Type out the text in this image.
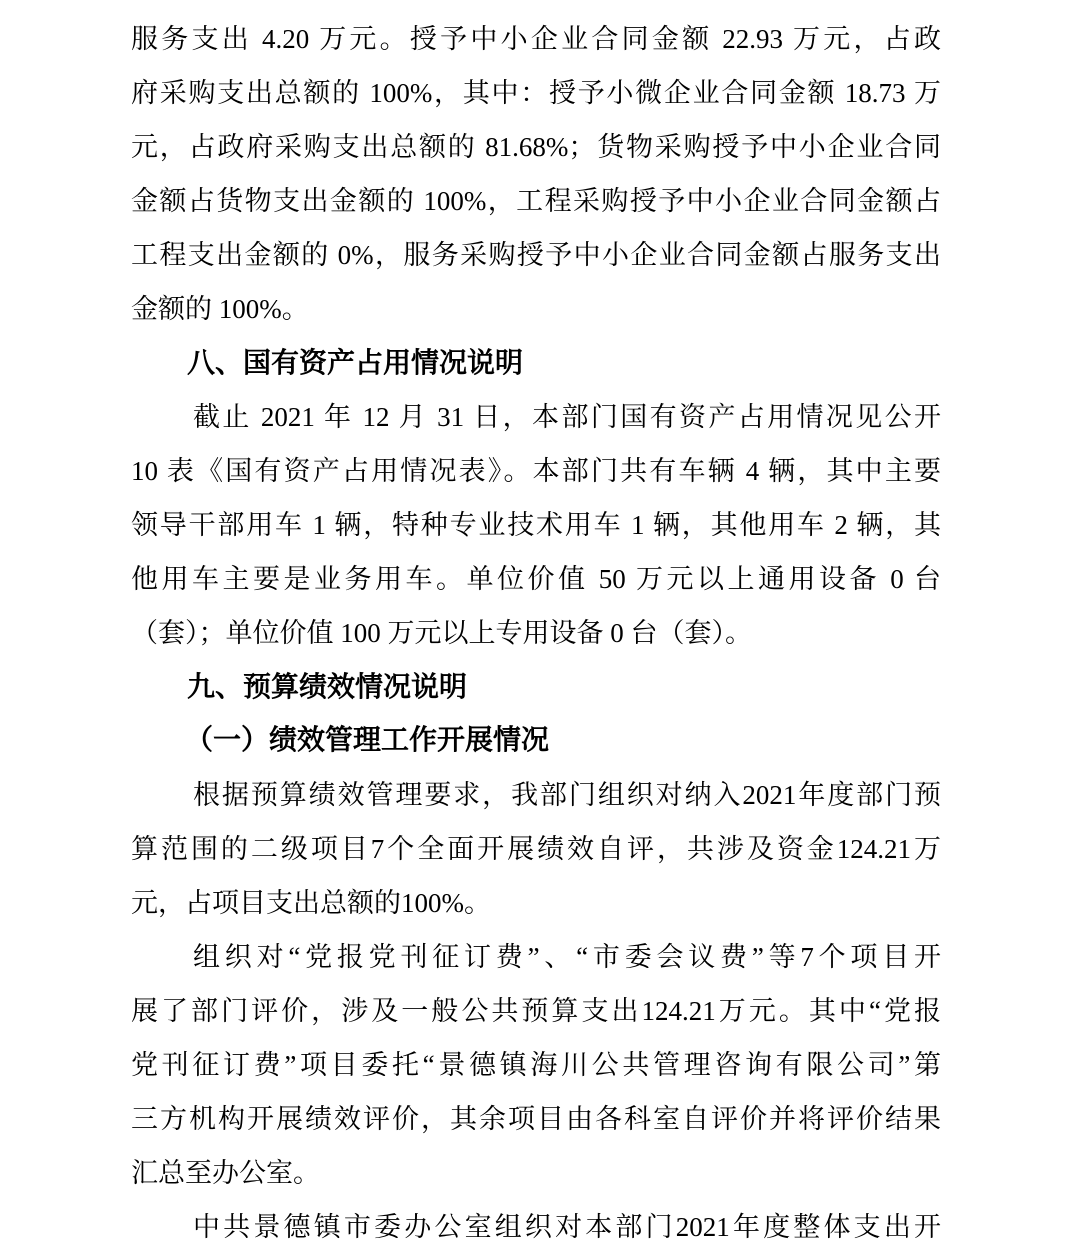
服务支出 4.20 万元。授予中小企业合同金额 22.93 万元，占政
府采购支出总额的 100%，其中：授予小微企业合同金额 18.73 万
元，占政府采购支出总额的 81.68%；货物采购授予中小企业合同
金额占货物支出金额的 100%，工程采购授予中小企业合同金额占
工程支出金额的 0%，服务采购授予中小企业合同金额占服务支出
金额的 100%。
八、国有资产占用情况说明
截止 2021 年 12 月 31 日，本部门国有资产占用情况见公开
10 表《国有资产占用情况表》。本部门共有车辆 4 辆，其中主要
领导干部用车 1 辆，特种专业技术用车 1 辆，其他用车 2 辆，其
他用车主要是业务用车。单位价值 50 万元以上通用设备 0 台
（套）；单位价值 100 万元以上专用设备 0 台（套）。
九、预算绩效情况说明
（一）绩效管理工作开展情况
根据预算绩效管理要求，我部门组织对纳入2021年度部门预
算范围的二级项目7个全面开展绩效自评，共涉及资金124.21万
元，占项目支出总额的100%。
组织对“党报党刊征订费”、“市委会议费”等7个项目开
展了部门评价，涉及一般公共预算支出124.21万元。其中“党报
党刊征订费”项目委托“景德镇海川公共管理咨询有限公司”第
三方机构开展绩效评价，其余项目由各科室自评价并将评价结果
汇总至办公室。
中共景德镇市委办公室组织对本部门2021年度整体支出开
